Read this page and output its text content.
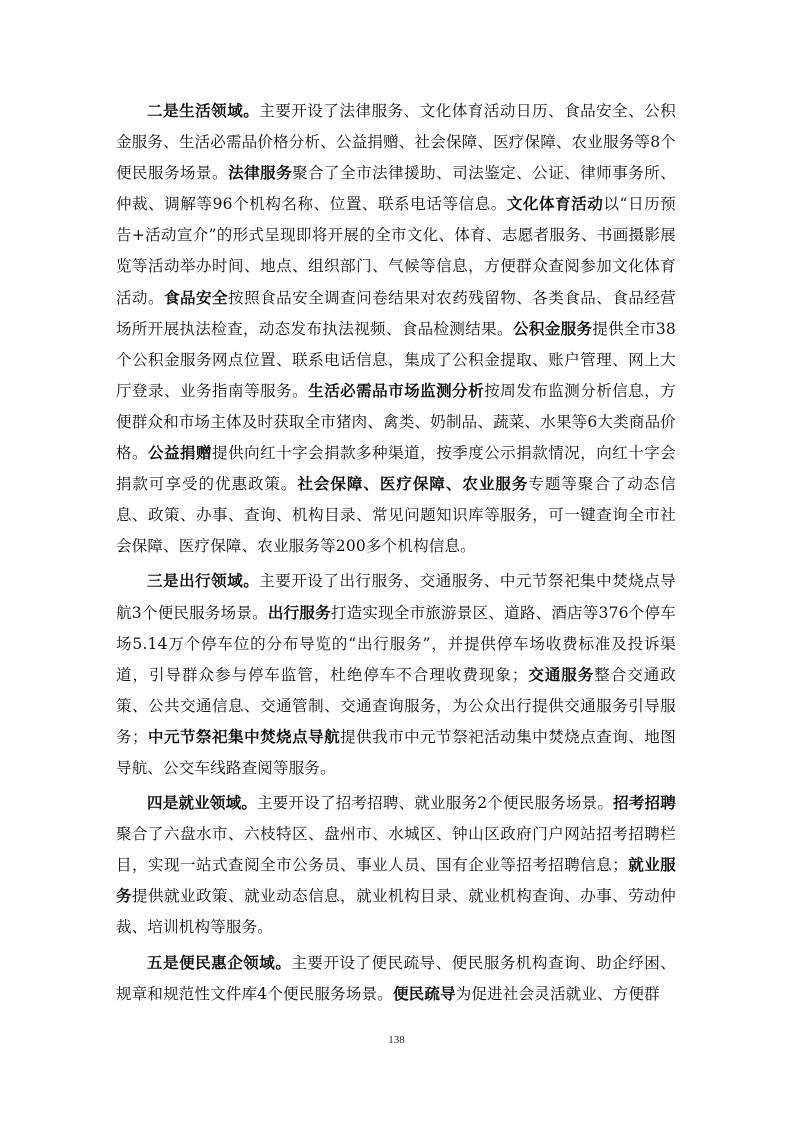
二是生活领域。主要开设了法律服务、文化体育活动日历、食品安全、公积金服务、生活必需品价格分析、公益捐赠、社会保障、医疗保障、农业服务等8个便民服务场景。法律服务聚合了全市法律援助、司法鉴定、公证、律师事务所、仲裁、调解等96个机构名称、位置、联系电话等信息。文化体育活动以“日历预告+活动宣介”的形式呈现即将开展的全市文化、体育、志愿者服务、书画摄影展览等活动举办时间、地点、组织部门、气候等信息，方便群众查阅参加文化体育活动。食品安全按照食品安全调查问卷结果对农药残留物、各类食品、食品经营场所开展执法检查，动态发布执法视频、食品检测结果。公积金服务提供全市38个公积金服务网点位置、联系电话信息，集成了公积金提取、账户管理、网上大厅登录、业务指南等服务。生活必需品市场监测分析按周发布监测分析信息，方便群众和市场主体及时获取全市猪肉、禽类、奶制品、蔬菜、水果等6大类商品价格。公益捐赠提供向红十字会捐款多种渠道，按季度公示捐款情况，向红十字会捐款可享受的优惠政策。社会保障、医疗保障、农业服务专题等聚合了动态信息、政策、办事、查询、机构目录、常见问题知识库等服务，可一键查询全市社会保障、医疗保障、农业服务等200多个机构信息。

三是出行领域。主要开设了出行服务、交通服务、中元节祭祀集中焚烧点导航3个便民服务场景。出行服务打造实现全市旅游景区、道路、酒店等376个停车场5.14万个停车位的分布导览的“出行服务”，并提供停车场收费标准及投诉渠道，引导群众参与停车监管，杜绝停车不合理收费现象；交通服务整合交通政策、公共交通信息、交通管制、交通查询服务，为公众出行提供交通服务引导服务；中元节祭祀集中焚烧点导航提供我市中元节祭祀活动集中焚烧点查询、地图导航、公交车线路查阅等服务。

四是就业领域。主要开设了招考招聘、就业服务2个便民服务场景。招考招聘聚合了六盘水市、六枝特区、盘州市、水城区、钟山区政府门户网站招考招聘栏目，实现一站式查阅全市公务员、事业人员、国有企业等招考招聘信息；就业服务提供就业政策、就业动态信息，就业机构目录、就业机构查询、办事、劳动仲裁、培训机构等服务。

五是便民惠企领域。主要开设了便民疏导、便民服务机构查询、助企纾困、规章和规范性文件库4个便民服务场景。便民疏导为促进社会灵活就业、方便群

138
